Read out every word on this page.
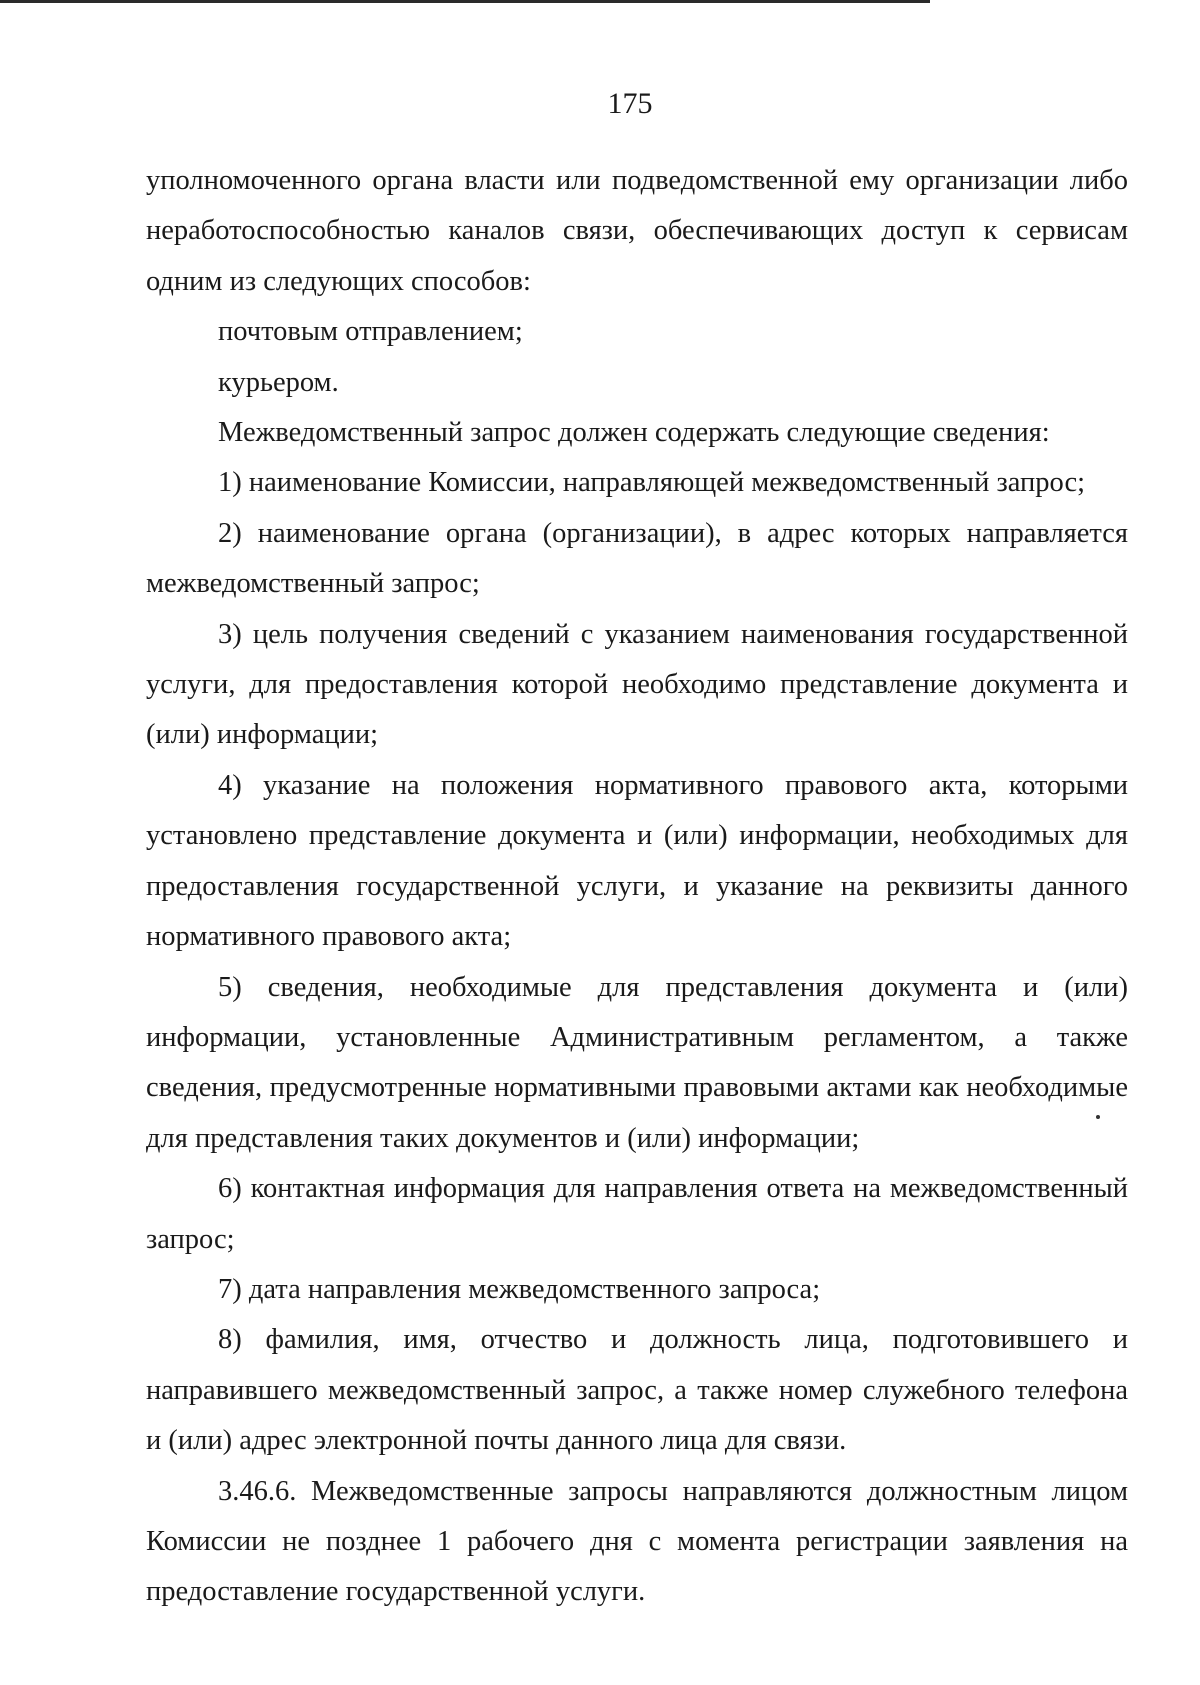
175

уполномоченного органа власти или подведомственной ему организации либо неработоспособностью каналов связи, обеспечивающих доступ к сервисам одним из следующих способов:

почтовым отправлением;

курьером.

Межведомственный запрос должен содержать следующие сведения:

1) наименование Комиссии, направляющей межведомственный запрос;

2) наименование органа (организации), в адрес которых направляется межведомственный запрос;

3) цель получения сведений с указанием наименования государственной услуги, для предоставления которой необходимо представление документа и (или) информации;

4) указание на положения нормативного правового акта, которыми установлено представление документа и (или) информации, необходимых для предоставления государственной услуги, и указание на реквизиты данного нормативного правового акта;

5) сведения, необходимые для представления документа и (или) информации, установленные Административным регламентом, а также сведения, предусмотренные нормативными правовыми актами как необходимые для представления таких документов и (или) информации;

6) контактная информация для направления ответа на межведомственный запрос;

7) дата направления межведомственного запроса;

8) фамилия, имя, отчество и должность лица, подготовившего и направившего межведомственный запрос, а также номер служебного телефона и (или) адрес электронной почты данного лица для связи.

3.46.6. Межведомственные запросы направляются должностным лицом Комиссии не позднее 1 рабочего дня с момента регистрации заявления на предоставление государственной услуги.
